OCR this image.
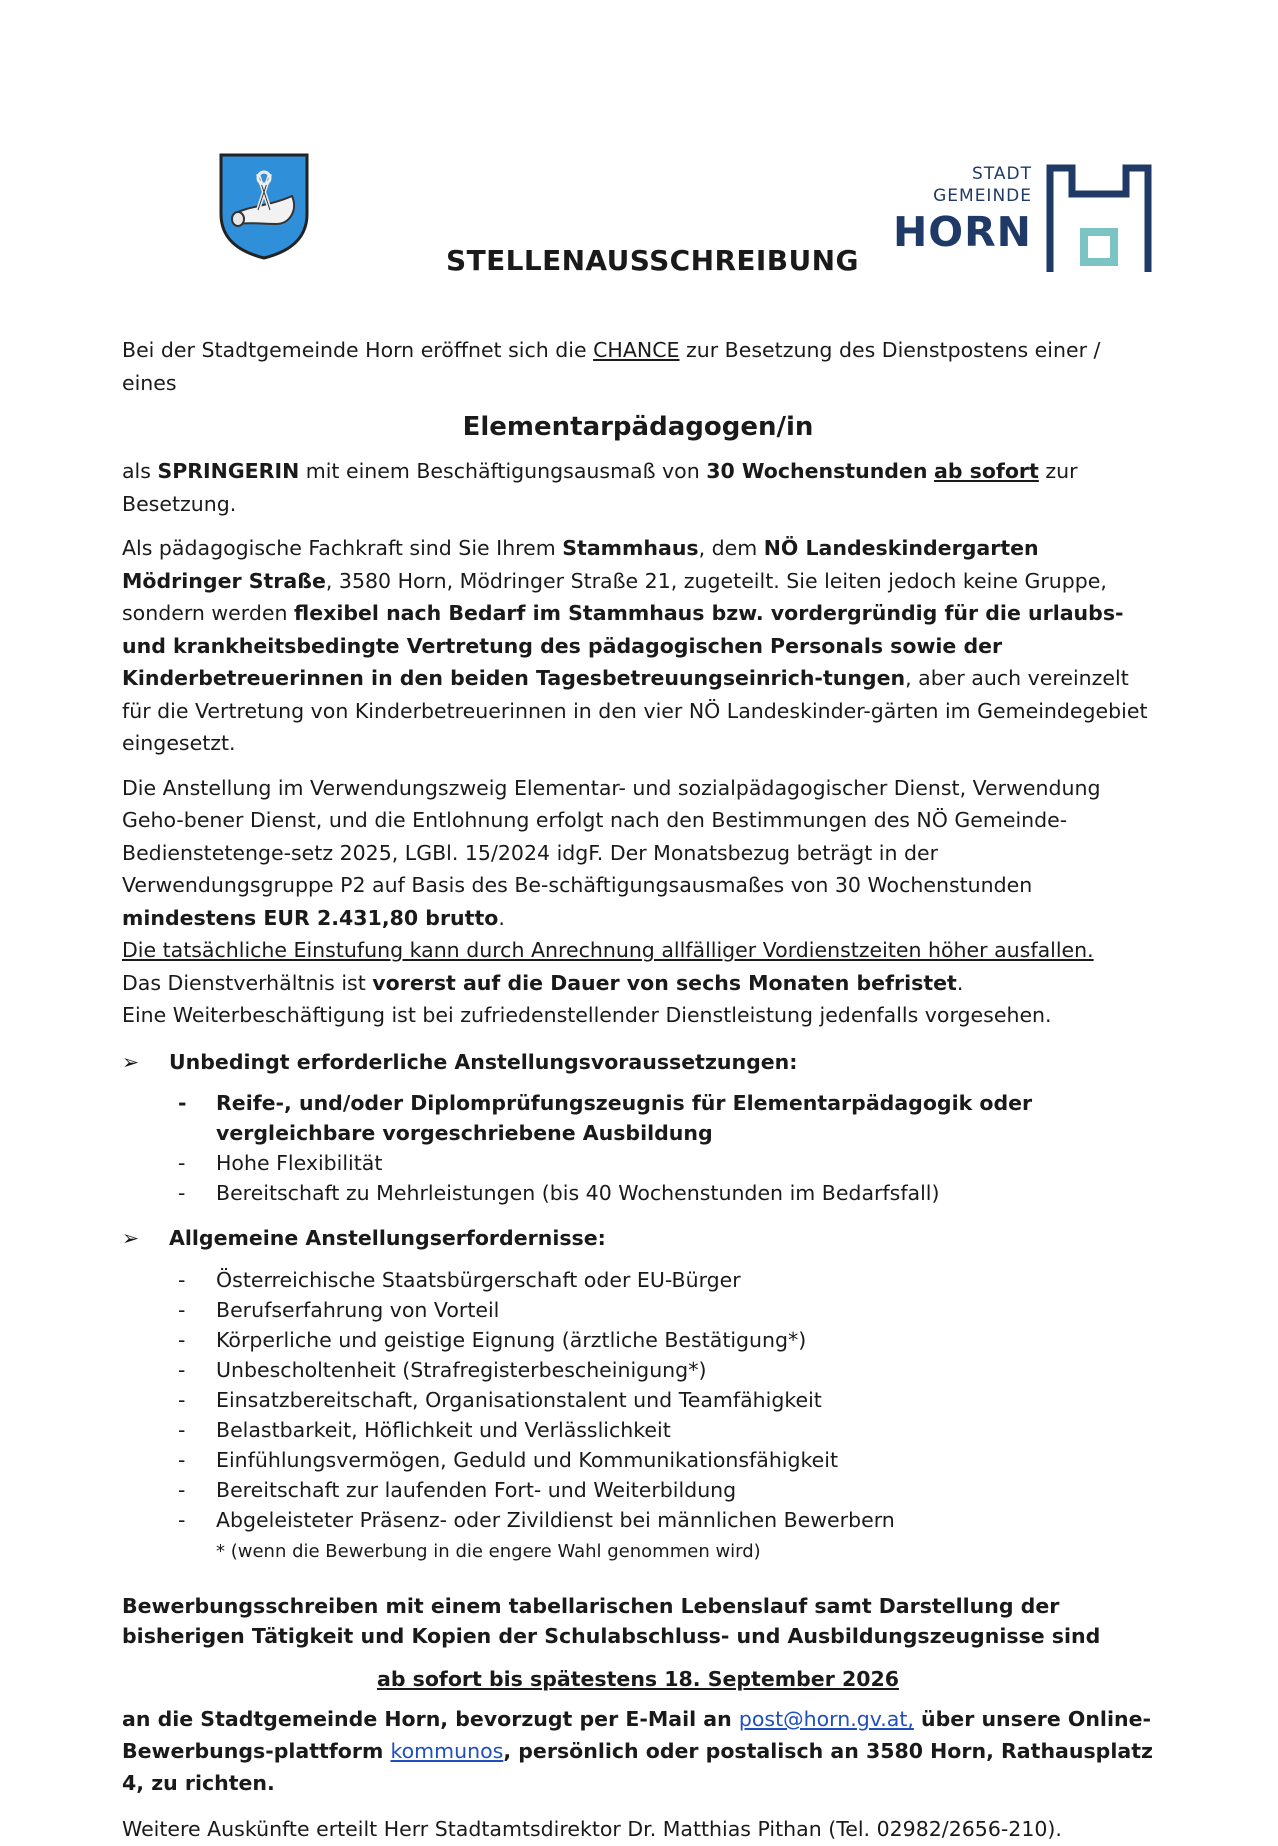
STADT
GEMEINDE
HORN
STELLENAUSSCHREIBUNG

Bei der Stadtgemeinde Horn eröffnet sich die CHANCE zur Besetzung des Dienstpostens einer / eines

Elementarpädagogen/in

als SPRINGERIN mit einem Beschäftigungsausmaß von 30 Wochenstunden ab sofort zur Besetzung.

Als pädagogische Fachkraft sind Sie Ihrem Stammhaus, dem NÖ Landeskindergarten Mödringer Straße, 3580 Horn, Mödringer Straße 21, zugeteilt. Sie leiten jedoch keine Gruppe, sondern werden flexibel nach Bedarf im Stammhaus bzw. vordergründig für die urlaubs- und krankheitsbedingte Vertretung des pädagogischen Personals sowie der Kinderbetreuerinnen in den beiden Tagesbetreuungseinrich-tungen, aber auch vereinzelt für die Vertretung von Kinderbetreuerinnen in den vier NÖ Landeskinder-gärten im Gemeindegebiet eingesetzt.

Die Anstellung im Verwendungszweig Elementar- und sozialpädagogischer Dienst, Verwendung Geho-bener Dienst, und die Entlohnung erfolgt nach den Bestimmungen des NÖ Gemeinde-Bedienstetenge-setz 2025, LGBl. 15/2024 idgF. Der Monatsbezug beträgt in der Verwendungsgruppe P2 auf Basis des Be-schäftigungsausmaßes von 30 Wochenstunden mindestens EUR 2.431,80 brutto.

Die tatsächliche Einstufung kann durch Anrechnung allfälliger Vordienstzeiten höher ausfallen.

Das Dienstverhältnis ist vorerst auf die Dauer von sechs Monaten befristet.

Eine Weiterbeschäftigung ist bei zufriedenstellender Dienstleistung jedenfalls vorgesehen.

➢ Unbedingt erforderliche Anstellungsvoraussetzungen:
- Reife-, und/oder Diplomprüfungszeugnis für Elementarpädagogik oder vergleichbare vorgeschriebene Ausbildung
- Hohe Flexibilität
- Bereitschaft zu Mehrleistungen (bis 40 Wochenstunden im Bedarfsfall)
➢ Allgemeine Anstellungserfordernisse:
- Österreichische Staatsbürgerschaft oder EU-Bürger
- Berufserfahrung von Vorteil
- Körperliche und geistige Eignung (ärztliche Bestätigung*)
- Unbescholtenheit (Strafregisterbescheinigung*)
- Einsatzbereitschaft, Organisationstalent und Teamfähigkeit
- Belastbarkeit, Höflichkeit und Verlässlichkeit
- Einfühlungsvermögen, Geduld und Kommunikationsfähigkeit
- Bereitschaft zur laufenden Fort- und Weiterbildung
- Abgeleisteter Präsenz- oder Zivildienst bei männlichen Bewerbern

* (wenn die Bewerbung in die engere Wahl genommen wird)

Bewerbungsschreiben mit einem tabellarischen Lebenslauf samt Darstellung der bisherigen Tätigkeit und Kopien der Schulabschluss- und Ausbildungszeugnisse sind

ab sofort bis spätestens 18. September 2026

an die Stadtgemeinde Horn, bevorzugt per E-Mail an post@horn.gv.at, über unsere Online-Bewerbungs-plattform kommunos, persönlich oder postalisch an 3580 Horn, Rathausplatz 4, zu richten.

Weitere Auskünfte erteilt Herr Stadtamtsdirektor Dr. Matthias Pithan (Tel. 02982/2656-210).
